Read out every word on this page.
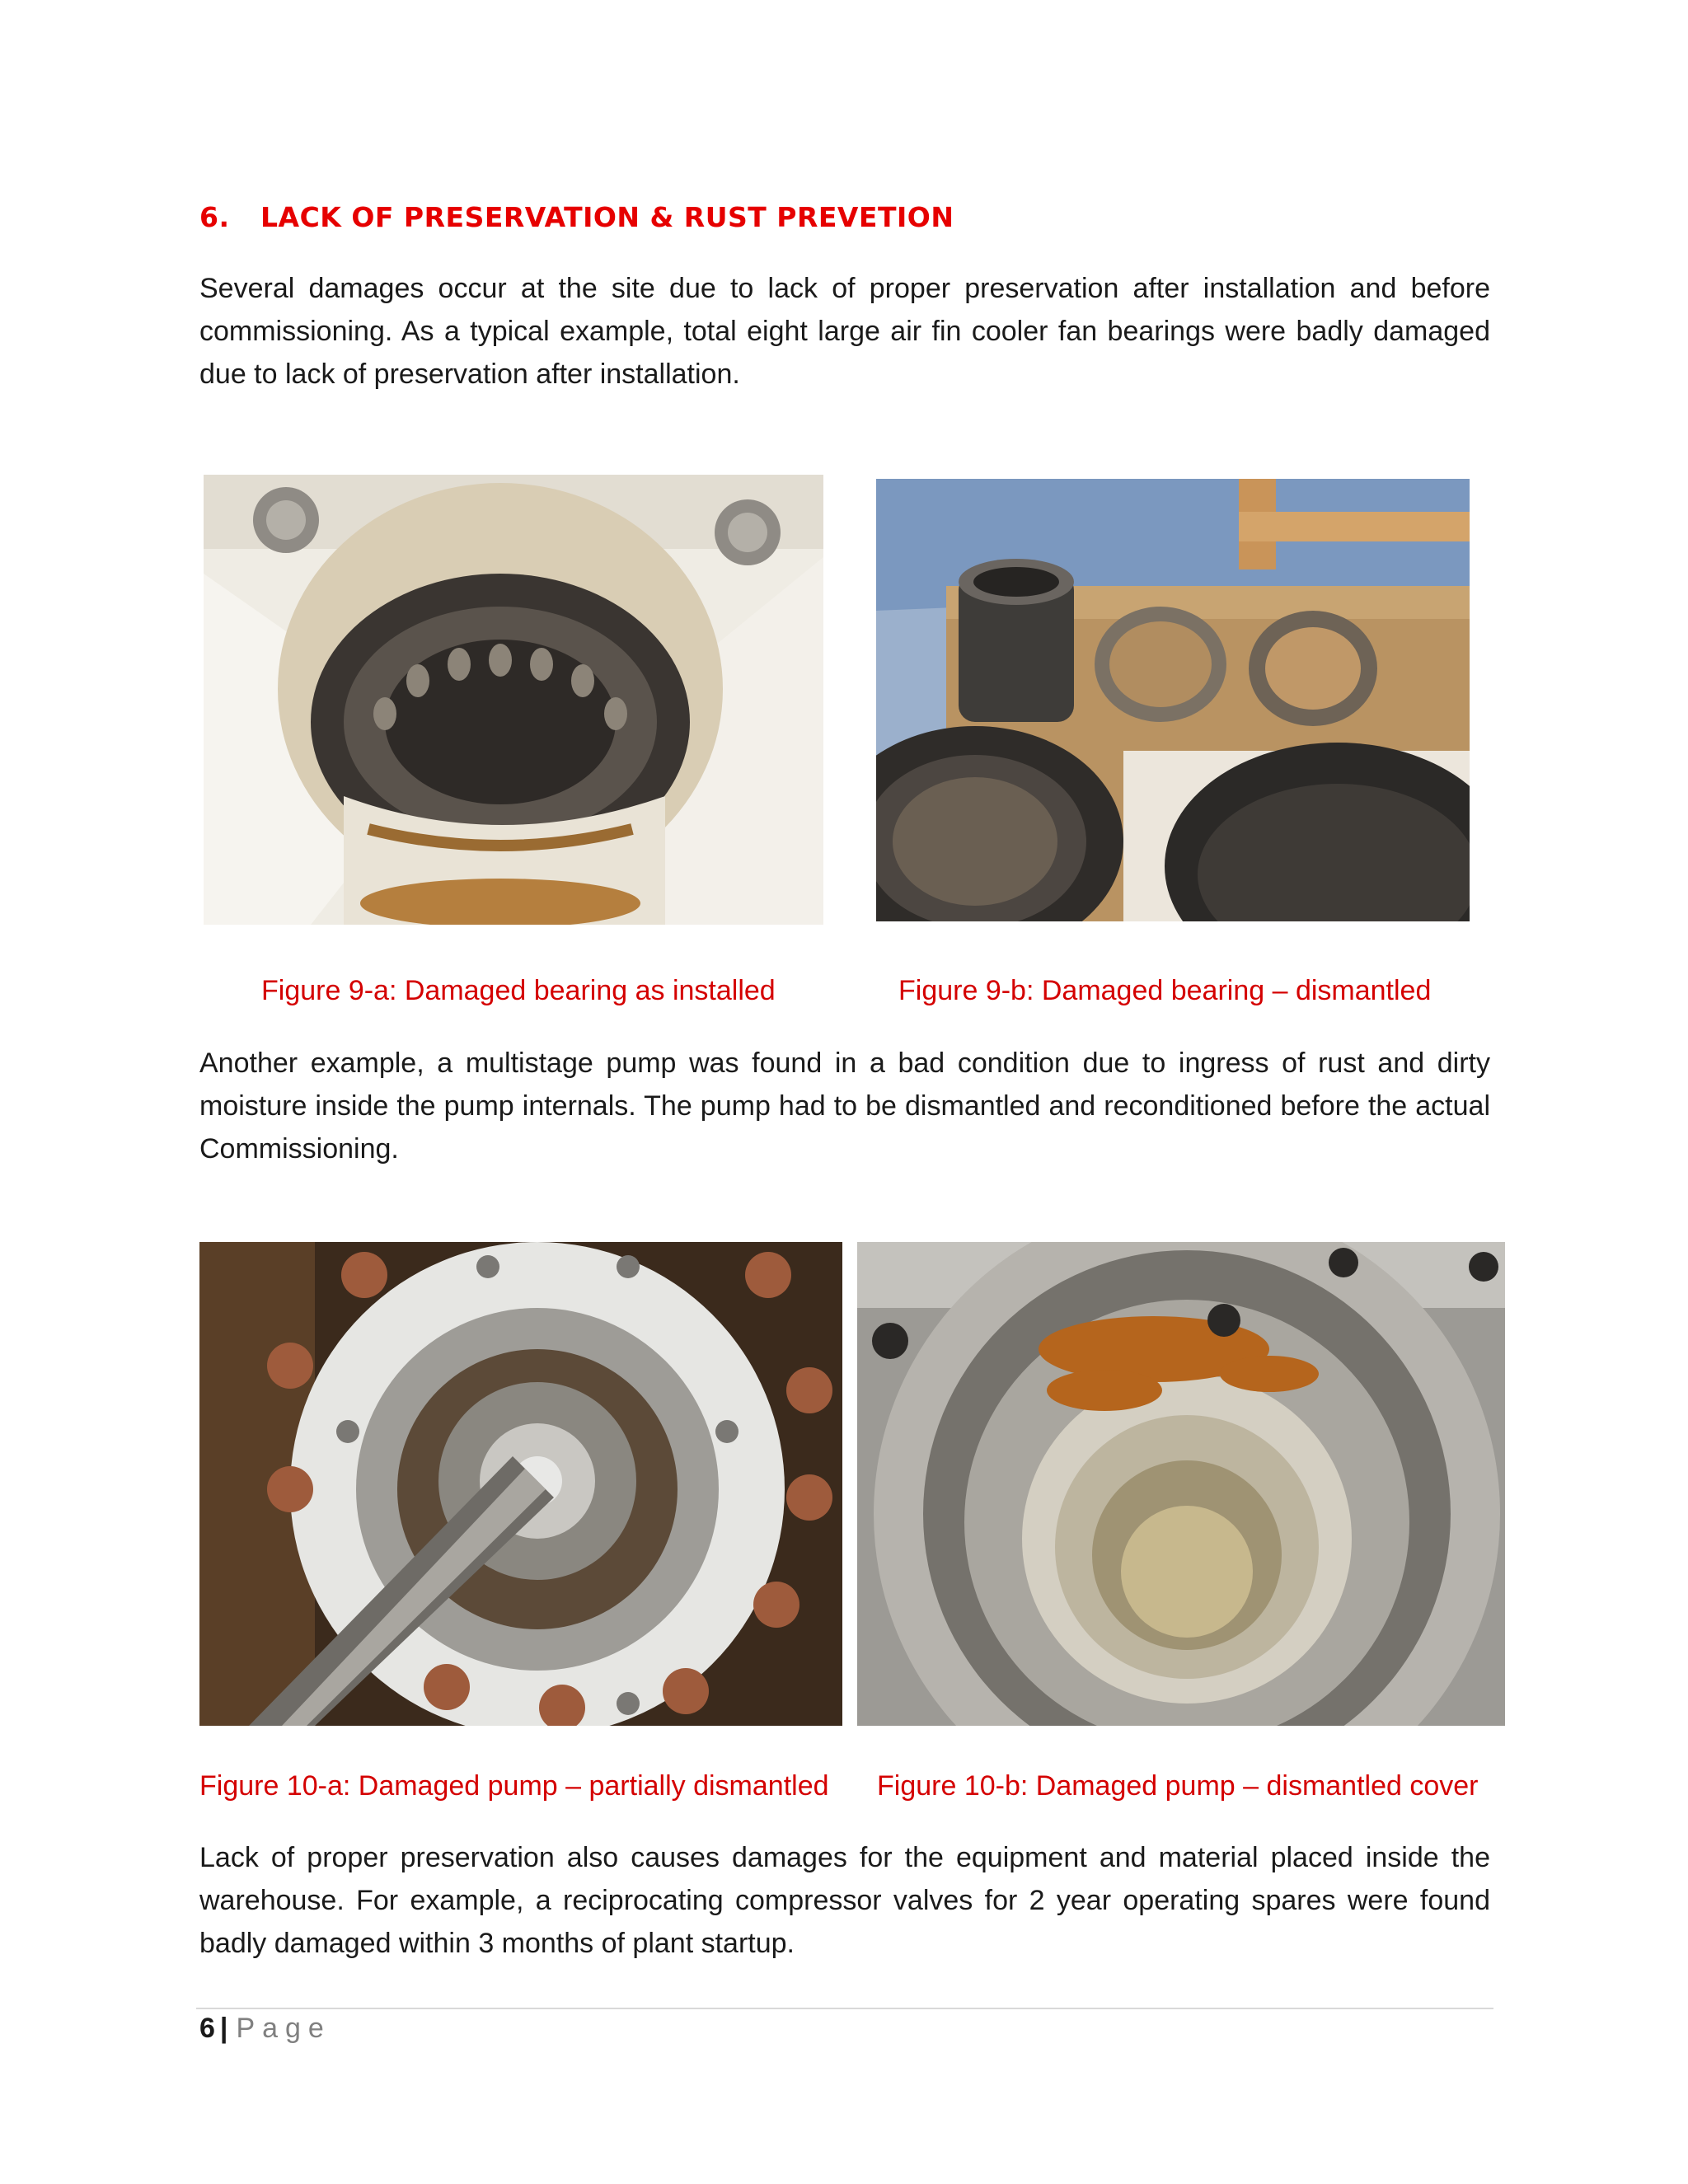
6. LACK OF PRESERVATION & RUST PREVETION
Several damages occur at the site due to lack of proper preservation after installation and before commissioning. As a typical example, total eight large air fin cooler fan bearings were badly damaged due to lack of preservation after installation.
Figure 9-a: Damaged bearing as installed	Figure 9-b: Damaged bearing – dismantled
Another example, a multistage pump was found in a bad condition due to ingress of rust and dirty moisture inside the pump internals. The pump had to be dismantled and reconditioned before the actual Commissioning.
Figure 10-a: Damaged pump – partially dismantled Figure 10-b: Damaged pump – dismantled cover
Lack of proper preservation also causes damages for the equipment and material placed inside the warehouse. For example, a reciprocating compressor valves for 2 year operating spares were found badly damaged within 3 months of plant startup.
6 | Page
